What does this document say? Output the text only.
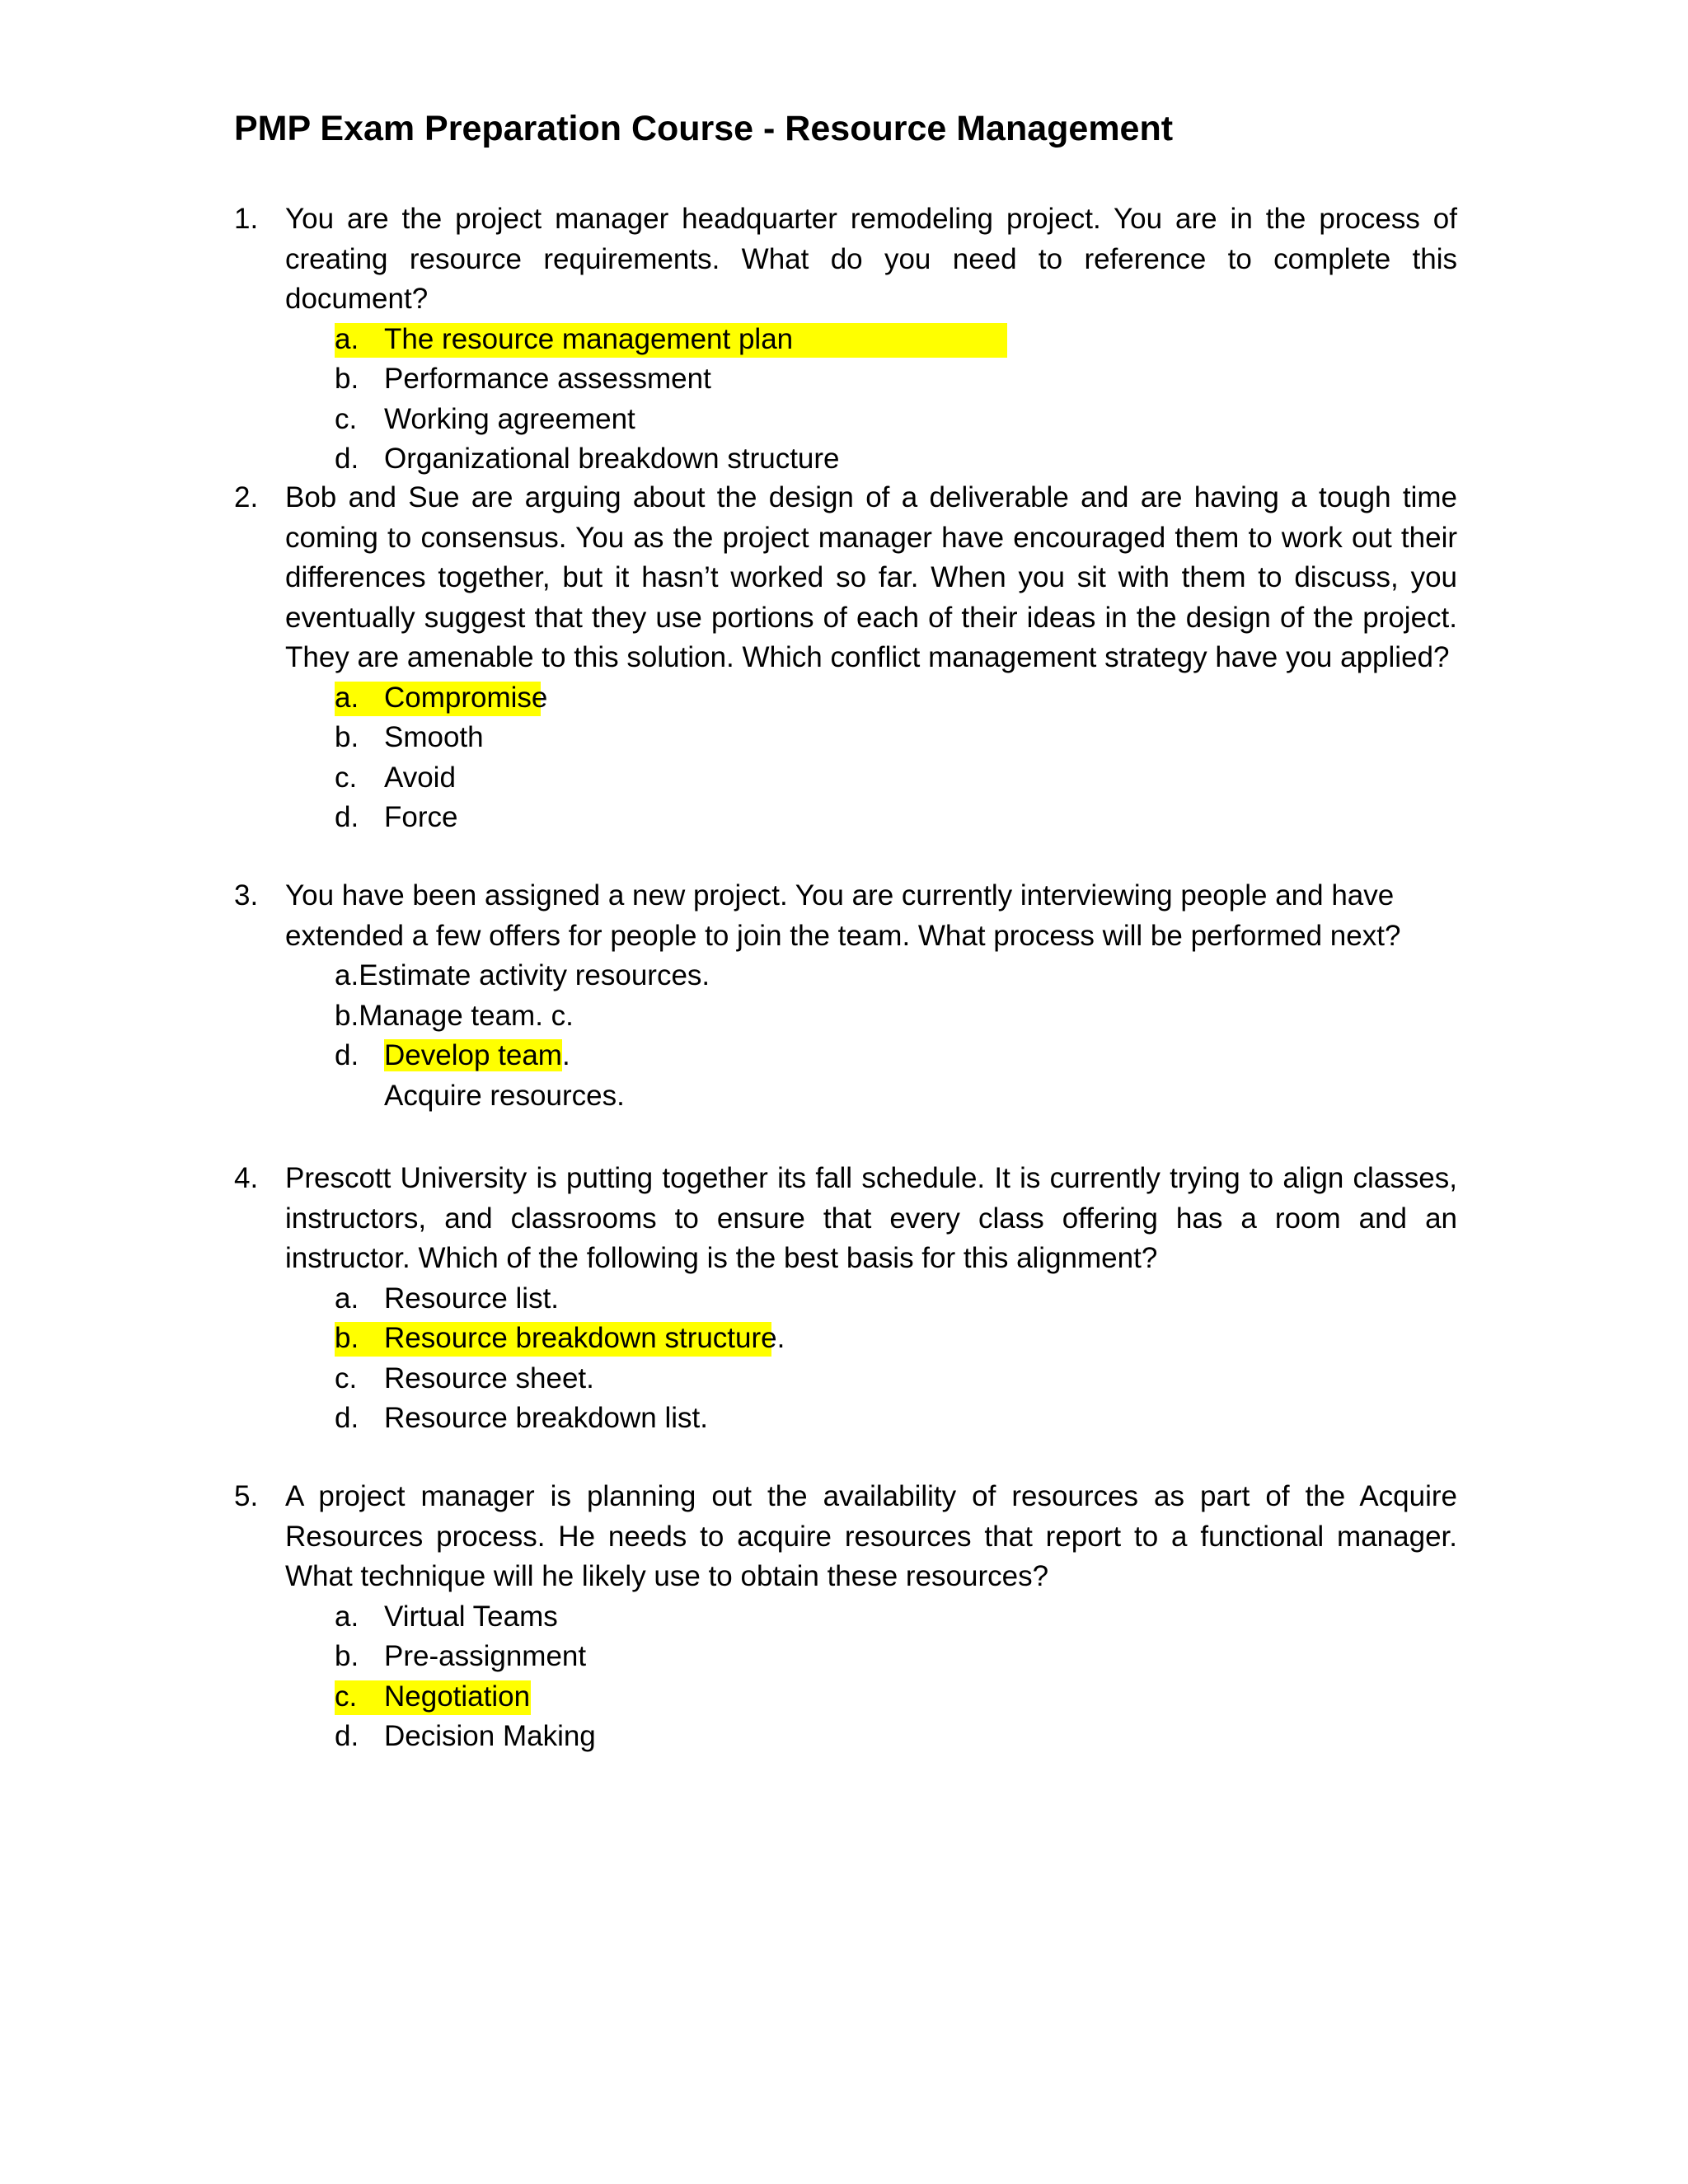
PMP Exam Preparation Course - Resource Management
1. You are the project manager headquarter remodeling project. You are in the process of creating resource requirements. What do you need to reference to complete this document?
a. The resource management plan
b. Performance assessment
c. Working agreement
d. Organizational breakdown structure
2. Bob and Sue are arguing about the design of a deliverable and are having a tough time coming to consensus. You as the project manager have encouraged them to work out their differences together, but it hasn’t worked so far. When you sit with them to discuss, you eventually suggest that they use portions of each of their ideas in the design of the project. They are amenable to this solution. Which conflict management strategy have you applied?
a. Compromise
b. Smooth
c. Avoid
d. Force
3. You have been assigned a new project. You are currently interviewing people and have extended a few offers for people to join the team. What process will be performed next?
a.Estimate activity resources.
b.Manage team. c.
d. Develop team.
Acquire resources.
4. Prescott University is putting together its fall schedule. It is currently trying to align classes, instructors, and classrooms to ensure that every class offering has a room and an instructor. Which of the following is the best basis for this alignment?
a. Resource list.
b. Resource breakdown structure.
c. Resource sheet.
d. Resource breakdown list.
5. A project manager is planning out the availability of resources as part of the Acquire Resources process. He needs to acquire resources that report to a functional manager. What technique will he likely use to obtain these resources?
a. Virtual Teams
b. Pre-assignment
c. Negotiation
d. Decision Making
